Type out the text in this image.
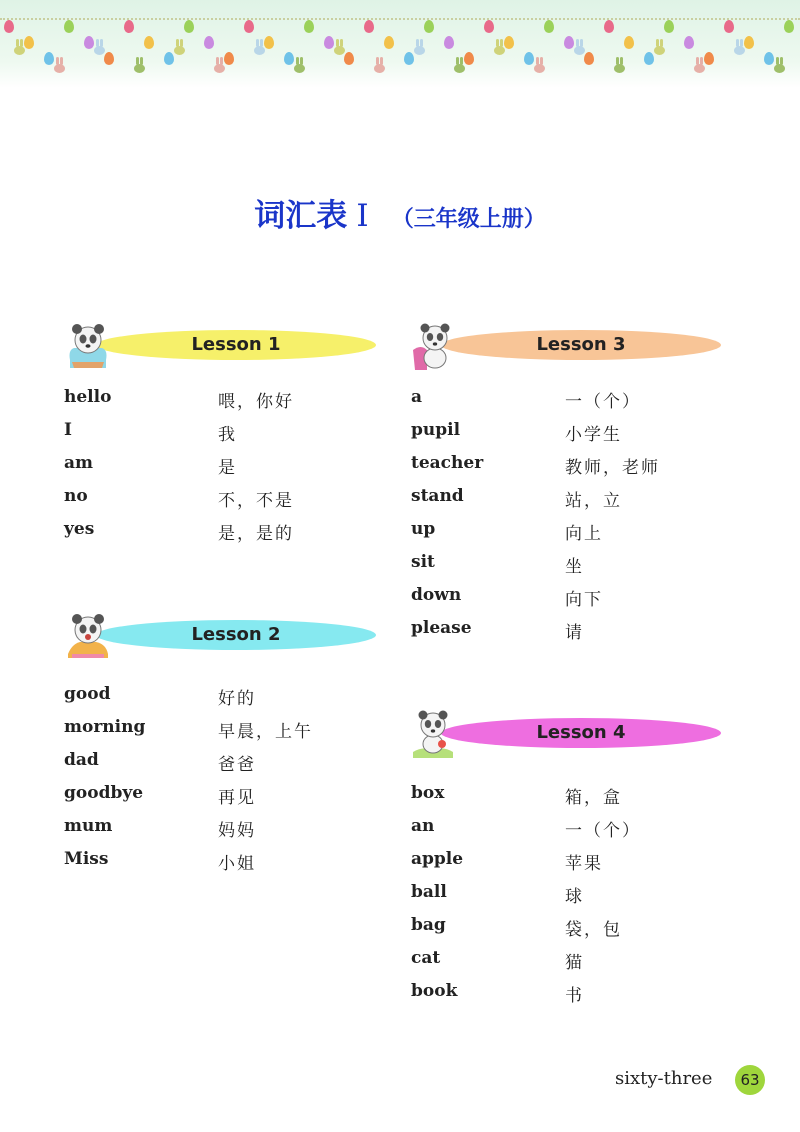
词汇表 Ⅰ （三年级上册）
Lesson 1
hello	喂，你好
I	我
am	是
no	不，不是
yes	是，是的
Lesson 2
good	好的
morning	早晨，上午
dad	爸爸
goodbye	再见
mum	妈妈
Miss	小姐
Lesson 3
a	一（个）
pupil	小学生
teacher	教师，老师
stand	站，立
up	向上
sit	坐
down	向下
please	请
Lesson 4
box	箱，盒
an	一（个）
apple	苹果
ball	球
bag	袋，包
cat	猫
book	书
sixty-three	63
